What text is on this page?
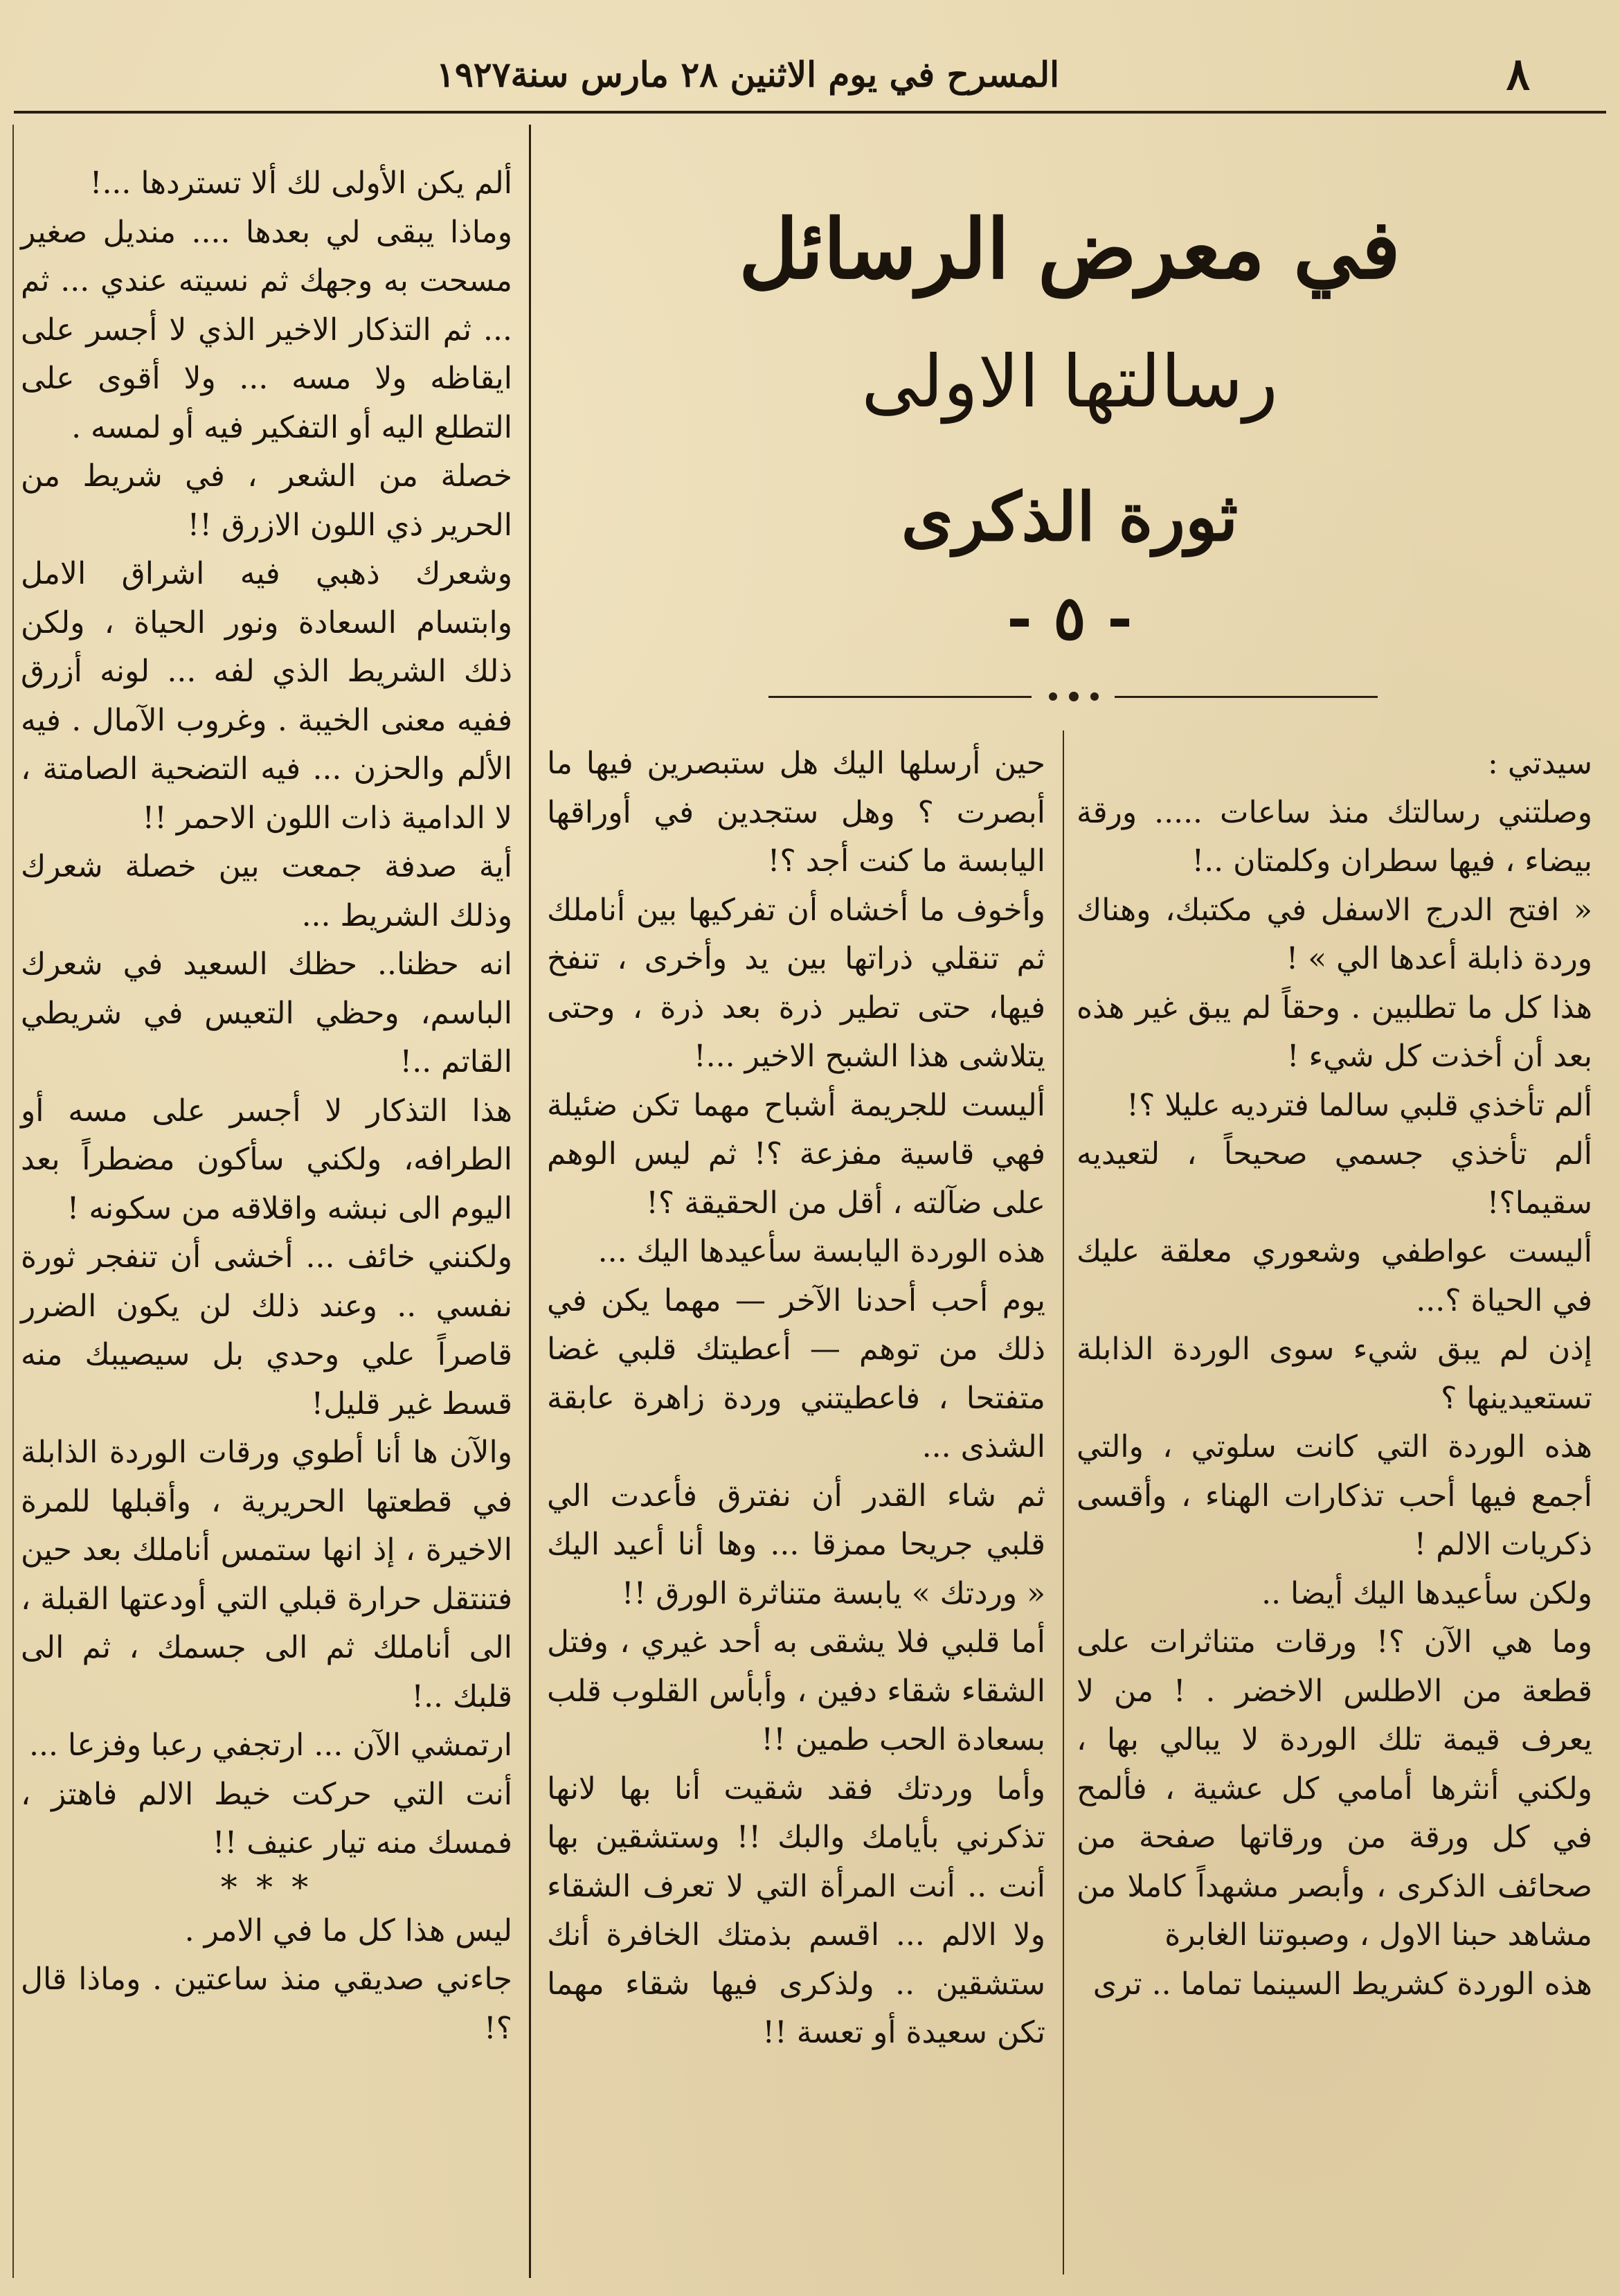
٨
المسرح في يوم الاثنين ٢٨ مارس سنة١٩٢٧
في معرض الرسائل
رسالتها الاولى
ثورة الذكرى
- ٥ -

سيدتي :

وصلتني رسالتك منذ ساعات ..... ورقة بيضاء ، فيها سطران وكلمتان ..!

« افتح الدرج الاسفل في مكتبك، وهناك وردة ذابلة أعدها الي » !

هذا كل ما تطلبين . وحقاً لم يبق غير هذه بعد أن أخذت كل شيء !

ألم تأخذي قلبي سالما فترديه عليلا ؟!

ألم تأخذي جسمي صحيحاً ، لتعيديه سقيما؟!

أليست عواطفي وشعوري معلقة عليك في الحياة ؟...

إذن لم يبق شيء سوى الوردة الذابلة تستعيدينها ؟

هذه الوردة التي كانت سلوتي ، والتي أجمع فيها أحب تذكارات الهناء ، وأقسى ذكريات الالم !

ولكن سأعيدها اليك أيضا ..

وما هي الآن ؟! ورقات متناثرات على قطعة من الاطلس الاخضر . ! من لا يعرف قيمة تلك الوردة لا يبالي بها ، ولكني أنثرها أمامي كل عشية ، فألمح في كل ورقة من ورقاتها صفحة من صحائف الذكرى ، وأبصر مشهداً كاملا من مشاهد حبنا الاول ، وصبوتنا الغابرة

هذه الوردة كشريط السينما تماما .. ترى

حين أرسلها اليك هل ستبصرين فيها ما أبصرت ؟ وهل ستجدين في أوراقها اليابسة ما كنت أجد ؟!

وأخوف ما أخشاه أن تفركيها بين أناملك ثم تنقلي ذراتها بين يد وأخرى ، تنفخ فيها، حتى تطير ذرة بعد ذرة ، وحتى يتلاشى هذا الشبح الاخير ...!

أليست للجريمة أشباح مهما تكن ضئيلة فهي قاسية مفزعة ؟! ثم ليس الوهم على ضآلته ، أقل من الحقيقة ؟!

هذه الوردة اليابسة سأعيدها اليك ...

يوم أحب أحدنا الآخر — مهما يكن في ذلك من توهم — أعطيتك قلبي غضا متفتحا ، فاعطيتني وردة زاهرة عابقة الشذى ...

ثم شاء القدر أن نفترق فأعدت الي قلبي جريحا ممزقا ... وها أنا أعيد اليك « وردتك » يابسة متناثرة الورق !!

أما قلبي فلا يشقى به أحد غيري ، وفتل الشقاء شقاء دفين ، وأبأس القلوب قلب بسعادة الحب طمين !!

وأما وردتك فقد شقيت أنا بها لانها تذكرني بأيامك والبك !! وستشقين بها أنت .. أنت المرأة التي لا تعرف الشقاء ولا الالم ... اقسم بذمتك الخافرة أنك ستشقين .. ولذكرى فيها شقاء مهما تكن سعيدة أو تعسة !!

ألم يكن الأولى لك ألا تستردها ...!

وماذا يبقى لي بعدها .... منديل صغير مسحت به وجهك ثم نسيته عندي ... ثم ... ثم التذكار الاخير الذي لا أجسر على ايقاظه ولا مسه ... ولا أقوى على التطلع اليه أو التفكير فيه أو لمسه .

خصلة من الشعر ، في شريط من الحرير ذي اللون الازرق !!

وشعرك ذهبي فيه اشراق الامل وابتسام السعادة ونور الحياة ، ولكن ذلك الشريط الذي لفه ... لونه أزرق ففيه معنى الخيبة . وغروب الآمال . فيه الألم والحزن ... فيه التضحية الصامتة ، لا الدامية ذات اللون الاحمر !!

أية صدفة جمعت بين خصلة شعرك وذلك الشريط ...

انه حظنا.. حظك السعيد في شعرك الباسم، وحظي التعيس في شريطي القاتم ..!

هذا التذكار لا أجسر على مسه أو الطرافه، ولكني سأكون مضطراً بعد اليوم الى نبشه واقلاقه من سكونه !

ولكنني خائف ... أخشى أن تنفجر ثورة نفسي .. وعند ذلك لن يكون الضرر قاصراً علي وحدي بل سيصيبك منه قسط غير قليل!

والآن ها أنا أطوي ورقات الوردة الذابلة في قطعتها الحريرية ، وأقبلها للمرة الاخيرة ، إذ انها ستمس أناملك بعد حين فتنتقل حرارة قبلي التي أودعتها القبلة ، الى أناملك ثم الى جسمك ، ثم الى قلبك ..!

ارتمشي الآن ... ارتجفي رعبا وفزعا ...

أنت التي حركت خيط الالم فاهتز ، فمسك منه تيار عنيف !!

* * *

ليس هذا كل ما في الامر .

جاءني صديقي منذ ساعتين . وماذا قال ؟!
